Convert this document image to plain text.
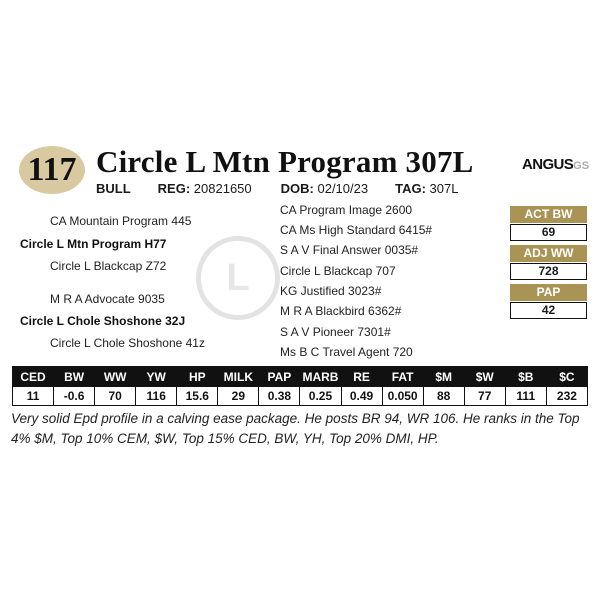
117 Circle L Mtn Program 307L	ANGUSGS
BULL REG: 20821650 DOB: 02/10/23 TAG: 307L
L
CA Mountain Program 445
Circle L Mtn Program H77
Circle L Blackcap Z72
M R A Advocate 9035
Circle L Chole Shoshone 32J
Circle L Chole Shoshone 41z
CA Program Image 2600
CA Ms High Standard 6415#
S A V Final Answer 0035#
Circle L Blackcap 707
KG Justified 3023#
M R A Blackbird 6362#
S A V Pioneer 7301#
Ms B C Travel Agent 720
ACT BW
69
ADJ WW
728
PAP
42
CED	BW	WW	YW	HP	MILK	PAP	MARB	RE	FAT	$M	$W	$B	$C
11	-0.6	70	116	15.6	29	0.38	0.25	0.49	0.050	88	77	111	232
Very solid Epd profile in a calving ease package. He posts BR 94, WR 106. He ranks in the Top 4% $M, Top 10% CEM, $W, Top 15% CED, BW, YH, Top 20% DMI, HP.
